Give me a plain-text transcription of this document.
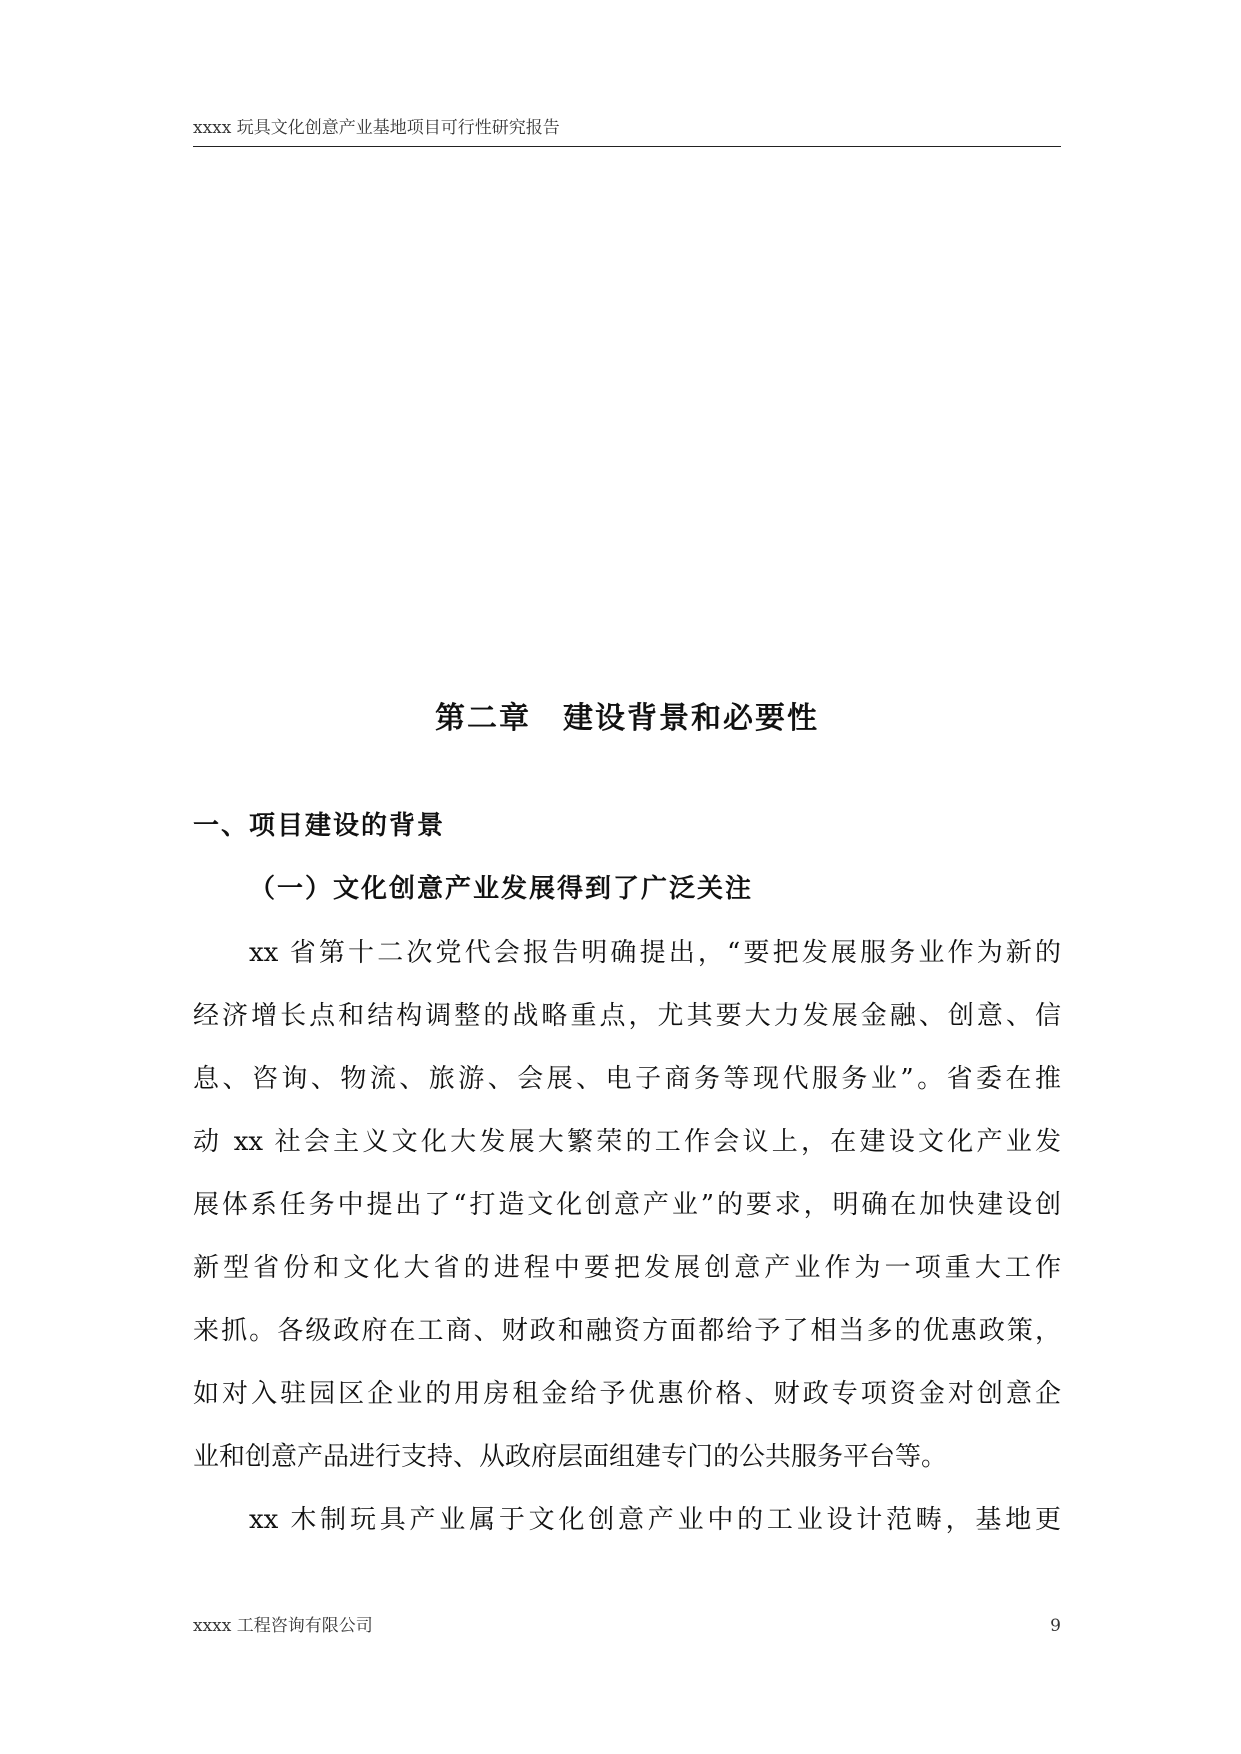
xxxx 玩具文化创意产业基地项目可行性研究报告
第二章　建设背景和必要性
一、项目建设的背景
（一）文化创意产业发展得到了广泛关注
xx 省第十二次党代会报告明确提出，“要把发展服务业作为新的
经济增长点和结构调整的战略重点，尤其要大力发展金融、创意、信
息、咨询、物流、旅游、会展、电子商务等现代服务业”。省委在推
动 xx 社会主义文化大发展大繁荣的工作会议上，在建设文化产业发
展体系任务中提出了“打造文化创意产业”的要求，明确在加快建设创
新型省份和文化大省的进程中要把发展创意产业作为一项重大工作
来抓。各级政府在工商、财政和融资方面都给予了相当多的优惠政策，
如对入驻园区企业的用房租金给予优惠价格、财政专项资金对创意企
业和创意产品进行支持、从政府层面组建专门的公共服务平台等。
xx 木制玩具产业属于文化创意产业中的工业设计范畴，基地更
xxxx 工程咨询有限公司	9
